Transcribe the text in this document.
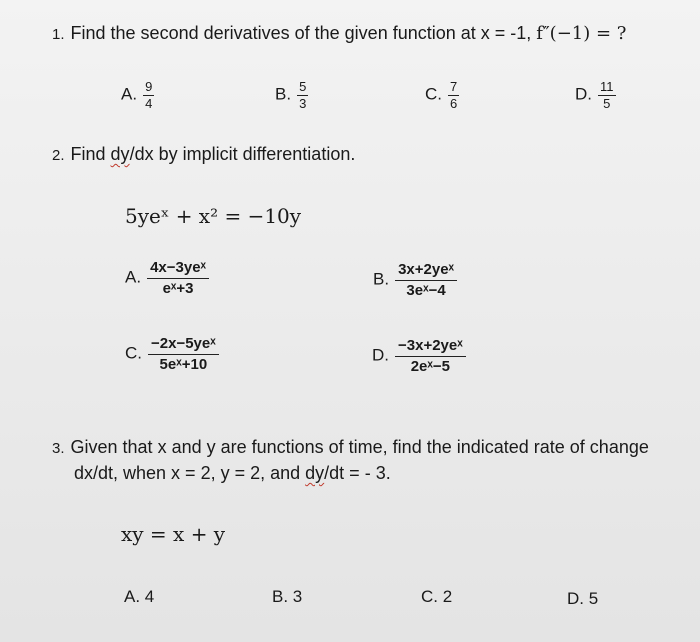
1. Find the second derivatives of the given function at x = -1, f″(−1) = ?
A. $\frac{9}{4}$	B. $\frac{5}{3}$	C. $\frac{7}{6}$	D. $\frac{11}{5}$
2. Find dy/dx by implicit differentiation.
5yeˣ + x² = −10y
A. $\frac{\text{4x−3yeˣ}}{\text{eˣ+3}}$	B. $\frac{\text{3x+2yeˣ}}{\text{3eˣ−4}}$
C. $\frac{\text{−2x−5yeˣ}}{\text{5eˣ+10}}$	D. $\frac{\text{−3x+2yeˣ}}{\text{2eˣ−5}}$
3. Given that x and y are functions of time, find the indicated rate of change
dx/dt, when x = 2, y = 2, and dy/dt = - 3.
xy = x + y
A. 4	B. 3	C. 2	D. 5
